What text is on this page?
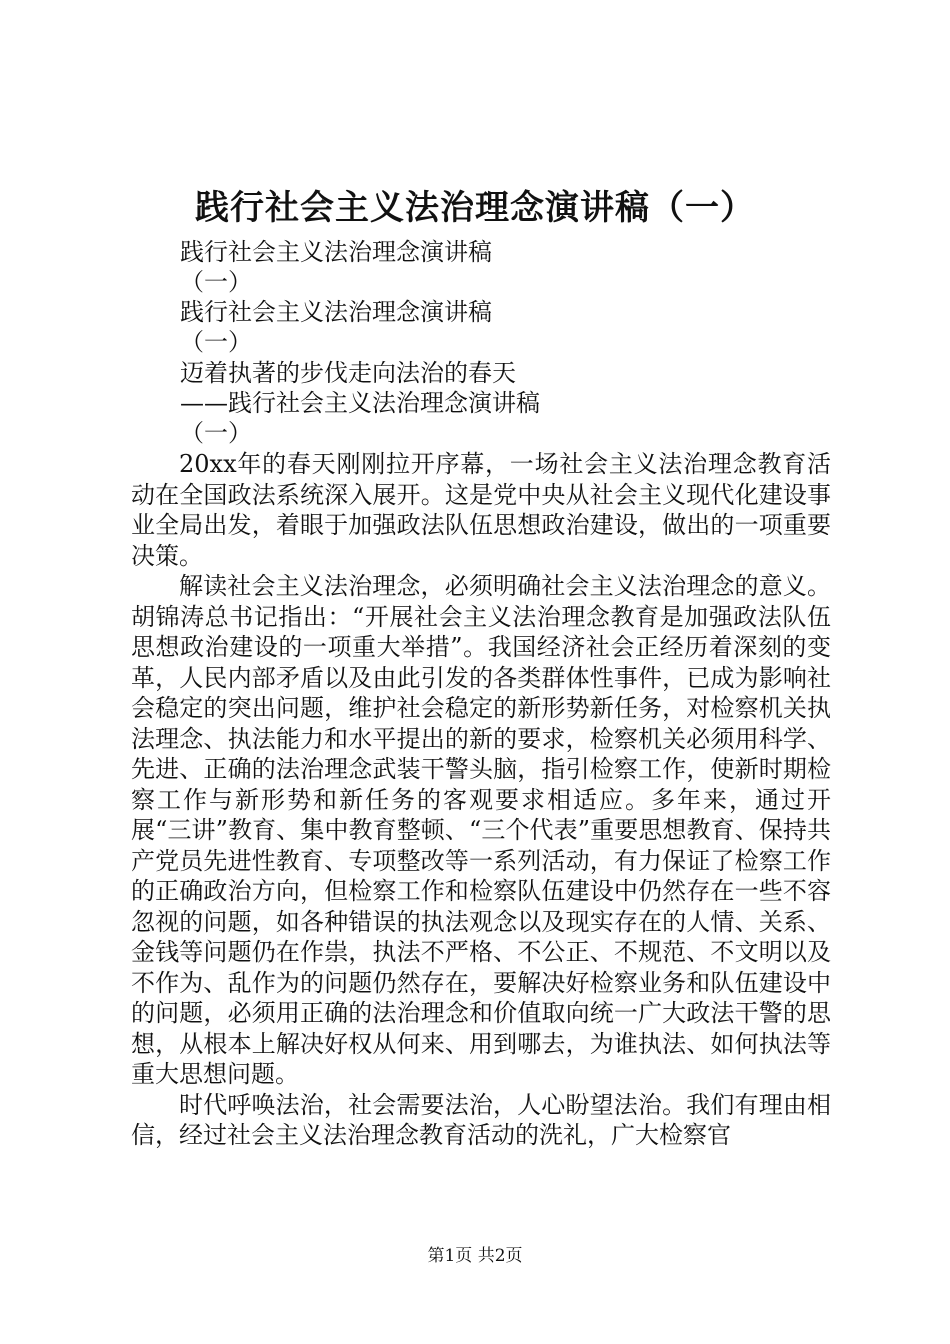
践行社会主义法治理念演讲稿（一）
践行社会主义法治理念演讲稿
（一）
践行社会主义法治理念演讲稿
（一）
迈着执著的步伐走向法治的春天
——践行社会主义法治理念演讲稿
（一）

20xx年的春天刚刚拉开序幕，一场社会主义法治理念教育活动在全国政法系统深入展开。这是党中央从社会主义现代化建设事业全局出发，着眼于加强政法队伍思想政治建设，做出的一项重要决策。

解读社会主义法治理念，必须明确社会主义法治理念的意义。胡锦涛总书记指出：“开展社会主义法治理念教育是加强政法队伍思想政治建设的一项重大举措”。我国经济社会正经历着深刻的变革，人民内部矛盾以及由此引发的各类群体性事件，已成为影响社会稳定的突出问题，维护社会稳定的新形势新任务，对检察机关执法理念、执法能力和水平提出的新的要求，检察机关必须用科学、先进、正确的法治理念武装干警头脑，指引检察工作，使新时期检察工作与新形势和新任务的客观要求相适应。多年来，通过开展“三讲”教育、集中教育整顿、“三个代表”重要思想教育、保持共产党员先进性教育、专项整改等一系列活动，有力保证了检察工作的正确政治方向，但检察工作和检察队伍建设中仍然存在一些不容忽视的问题，如各种错误的执法观念以及现实存在的人情、关系、金钱等问题仍在作祟，执法不严格、不公正、不规范、不文明以及不作为、乱作为的问题仍然存在，要解决好检察业务和队伍建设中的问题，必须用正确的法治理念和价值取向统一广大政法干警的思想，从根本上解决好权从何来、用到哪去，为谁执法、如何执法等重大思想问题。

时代呼唤法治，社会需要法治，人心盼望法治。我们有理由相信，经过社会主义法治理念教育活动的洗礼，广大检察官

第1页 共2页
